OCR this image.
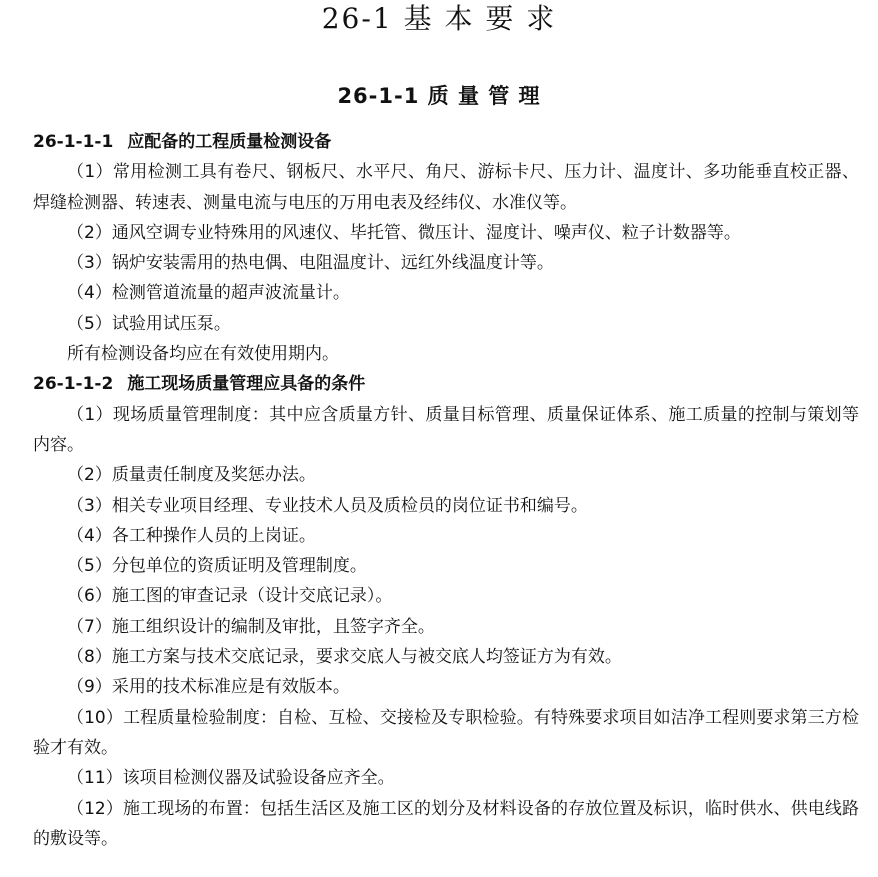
26-1 基 本 要 求
26-1-1 质 量 管 理
26-1-1-1 应配备的工程质量检测设备
（1）常用检测工具有卷尺、钢板尺、水平尺、角尺、游标卡尺、压力计、温度计、多功能垂直校正器、焊缝检测器、转速表、测量电流与电压的万用电表及经纬仪、水准仪等。
（2）通风空调专业特殊用的风速仪、毕托管、微压计、湿度计、噪声仪、粒子计数器等。
（3）锅炉安装需用的热电偶、电阻温度计、远红外线温度计等。
（4）检测管道流量的超声波流量计。
（5）试验用试压泵。
所有检测设备均应在有效使用期内。
26-1-1-2 施工现场质量管理应具备的条件
（1）现场质量管理制度：其中应含质量方针、质量目标管理、质量保证体系、施工质量的控制与策划等内容。
（2）质量责任制度及奖惩办法。
（3）相关专业项目经理、专业技术人员及质检员的岗位证书和编号。
（4）各工种操作人员的上岗证。
（5）分包单位的资质证明及管理制度。
（6）施工图的审查记录（设计交底记录）。
（7）施工组织设计的编制及审批，且签字齐全。
（8）施工方案与技术交底记录，要求交底人与被交底人均签证方为有效。
（9）采用的技术标准应是有效版本。
（10）工程质量检验制度：自检、互检、交接检及专职检验。有特殊要求项目如洁净工程则要求第三方检验才有效。
（11）该项目检测仪器及试验设备应齐全。
（12）施工现场的布置：包括生活区及施工区的划分及材料设备的存放位置及标识，临时供水、供电线路的敷设等。
